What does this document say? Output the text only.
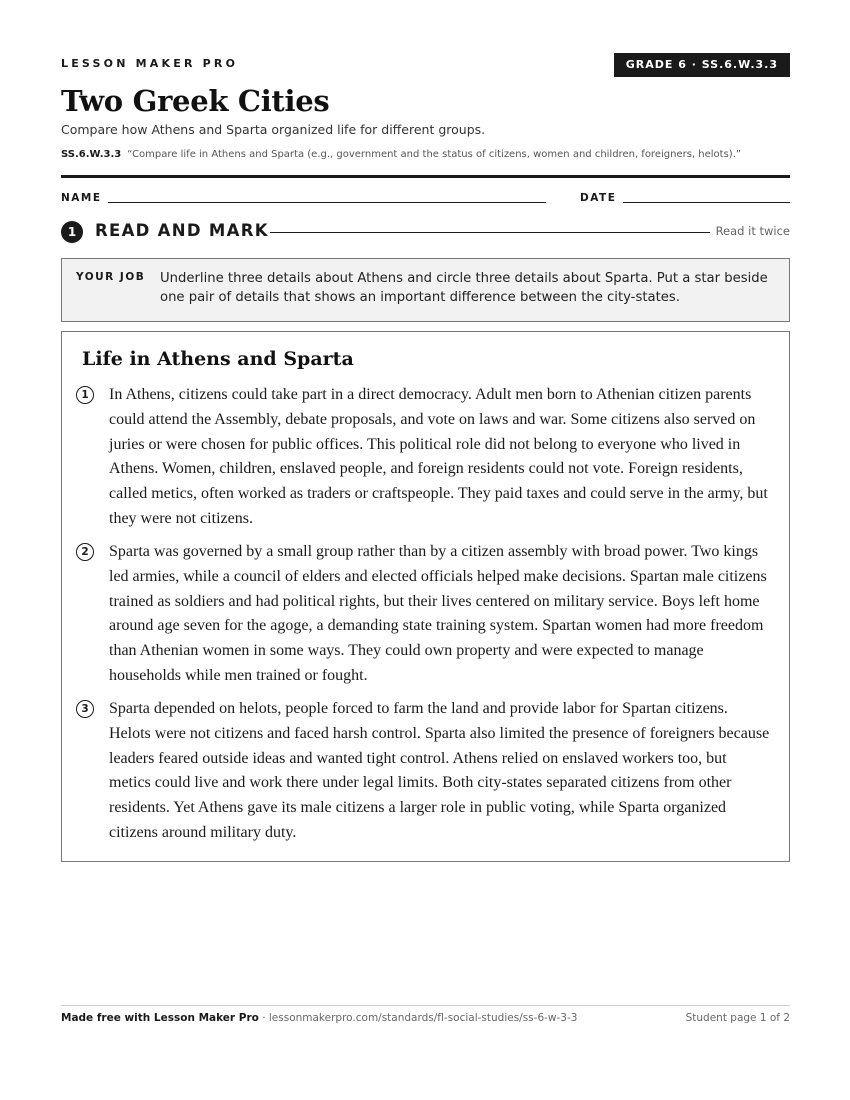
LESSON MAKER PRO	GRADE 6 · SS.6.W.3.3
Two Greek Cities
Compare how Athens and Sparta organized life for different groups.
SS.6.W.3.3 “Compare life in Athens and Sparta (e.g., government and the status of citizens, women and children, foreigners, helots).”
NAME	DATE
1	READ AND MARK	Read it twice
YOUR JOB Underline three details about Athens and circle three details about Sparta. Put a star beside one pair of details that shows an important difference between the city-states.
Life in Athens and Sparta
1	In Athens, citizens could take part in a direct democracy. Adult men born to Athenian citizen parents could attend the Assembly, debate proposals, and vote on laws and war. Some citizens also served on juries or were chosen for public offices. This political role did not belong to everyone who lived in Athens. Women, children, enslaved people, and foreign residents could not vote. Foreign residents, called metics, often worked as traders or craftspeople. They paid taxes and could serve in the army, but they were not citizens.
2	Sparta was governed by a small group rather than by a citizen assembly with broad power. Two kings led armies, while a council of elders and elected officials helped make decisions. Spartan male citizens trained as soldiers and had political rights, but their lives centered on military service. Boys left home around age seven for the agoge, a demanding state training system. Spartan women had more freedom than Athenian women in some ways. They could own property and were expected to manage households while men trained or fought.
3	Sparta depended on helots, people forced to farm the land and provide labor for Spartan citizens. Helots were not citizens and faced harsh control. Sparta also limited the presence of foreigners because leaders feared outside ideas and wanted tight control. Athens relied on enslaved workers too, but metics could live and work there under legal limits. Both city-states separated citizens from other residents. Yet Athens gave its male citizens a larger role in public voting, while Sparta organized citizens around military duty.
Made free with Lesson Maker Pro · lessonmakerpro.com/standards/fl-social-studies/ss-6-w-3-3	Student page 1 of 2
